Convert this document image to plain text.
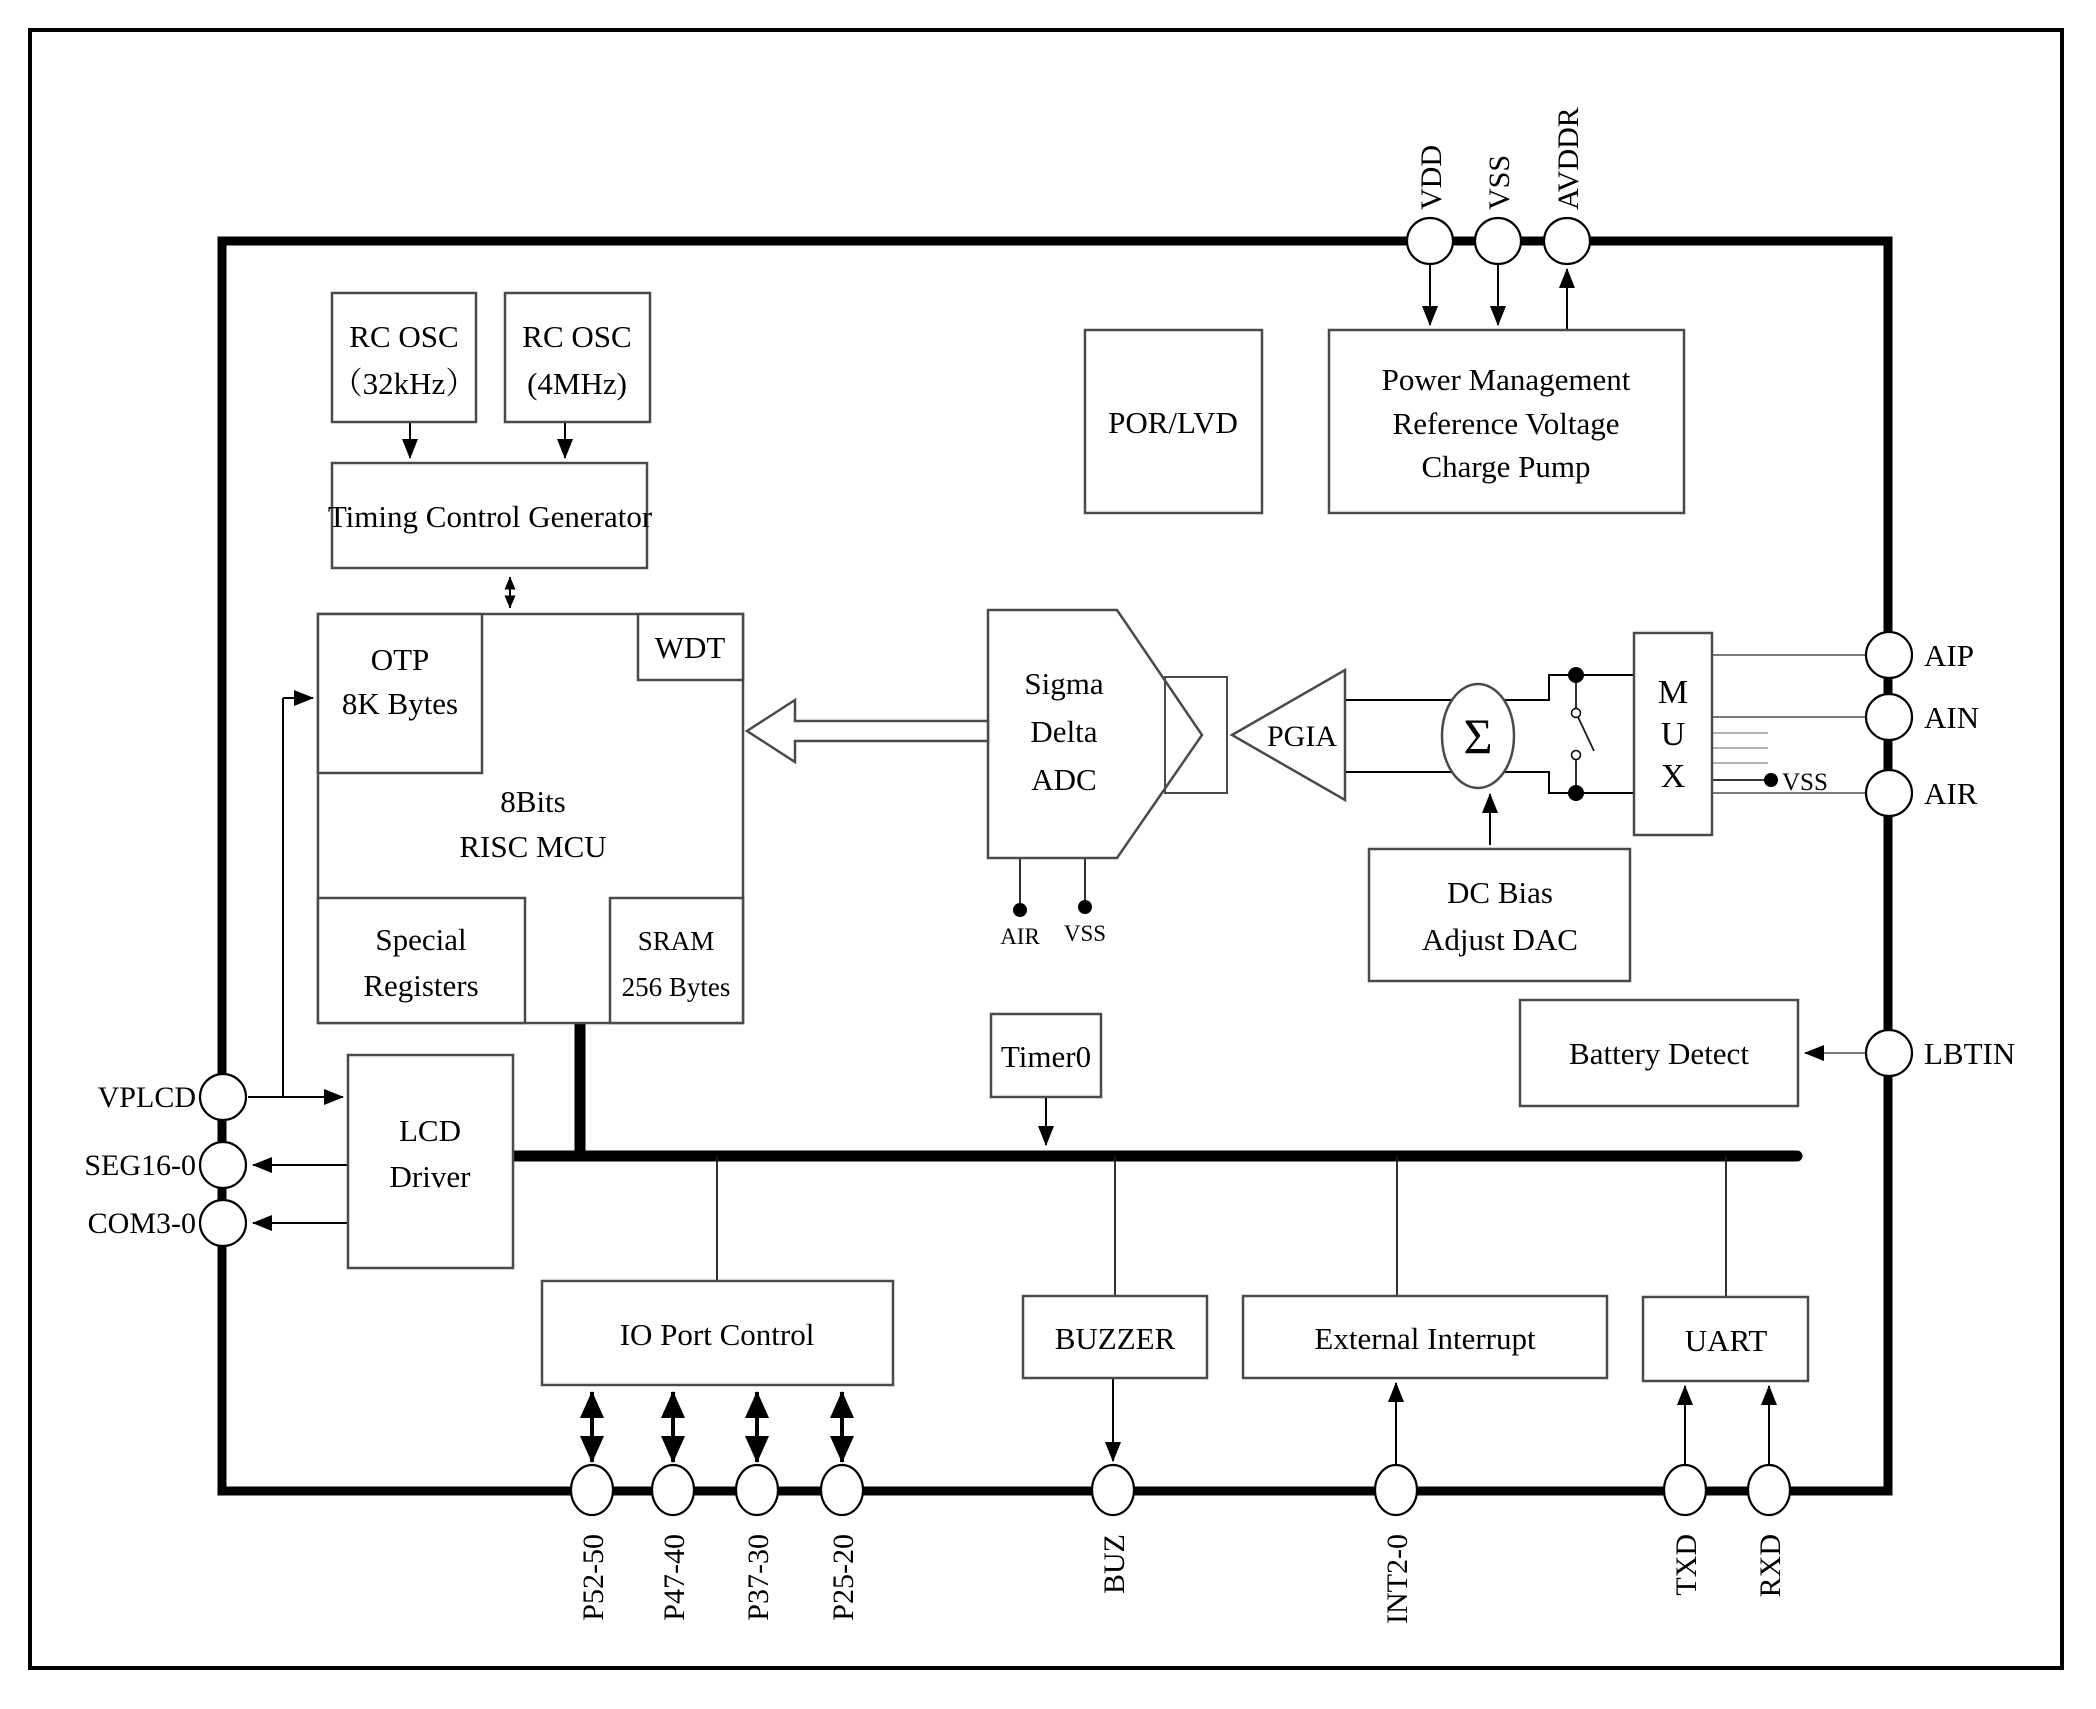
VSS
AIR VSS
RC OSC
（32kHz）
RC OSC
(4MHz)
Timing Control Generator
POR/LVD
Power Management
Reference Voltage
Charge Pump
8Bits
RISC MCU
OTP
8K Bytes
WDT
Special
Registers
SRAM
256 Bytes
Sigma
Delta
ADC
PGIA	Σ
DC Bias
Adjust DAC
M
U
X
LCD
Driver
Timer0	Battery Detect
IO Port Control	BUZZER	External Interrupt	UART
VDD VSS AVDDR
AIP
AIN
AIR
LBTIN
VPLCD
SEG16-0
COM3-0
P52-50 P47-40 P37-30 P25-20	BUZ	INT2-0	TXD RXD
